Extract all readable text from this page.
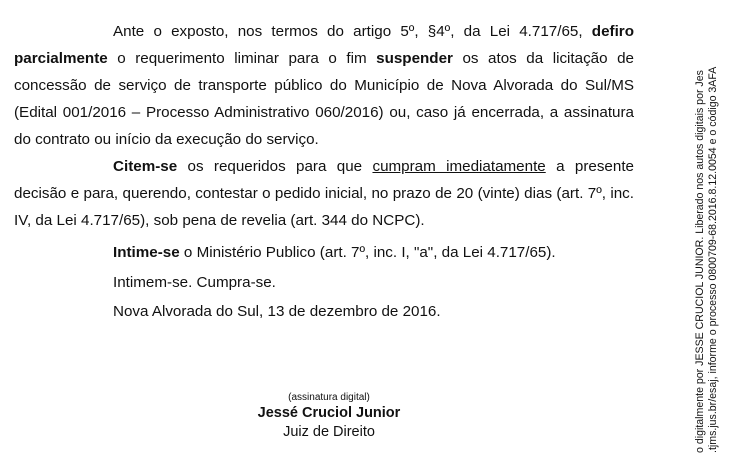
Ante o exposto, nos termos do artigo 5º, §4º, da Lei 4.717/65, defiro parcialmente o requerimento liminar para o fim suspender os atos da licitação de concessão de serviço de transporte público do Município de Nova Alvorada do Sul/MS (Edital 001/2016 – Processo Administrativo 060/2016) ou, caso já encerrada, a assinatura do contrato ou início da execução do serviço.

Citem-se os requeridos para que cumpram imediatamente a presente decisão e para, querendo, contestar o pedido inicial, no prazo de 20 (vinte) dias (art. 7º, inc. IV, da Lei 4.717/65), sob pena de revelia (art. 344 do NCPC).

Intime-se o Ministério Publico (art. 7º, inc. I, "a", da Lei 4.717/65).

Intimem-se. Cumpra-se.

Nova Alvorada do Sul, 13 de dezembro de 2016.

(assinatura digital)
Jessé Cruciol Junior
Juiz de Direito	o digitalmente por JESSE CRUCIOL JUNIOR. Liberado nos autos digitais por Jes .tjms.jus.br/esaj, informe o processo 0800709-68.2016.8.12.0054 e o código 3AFA
